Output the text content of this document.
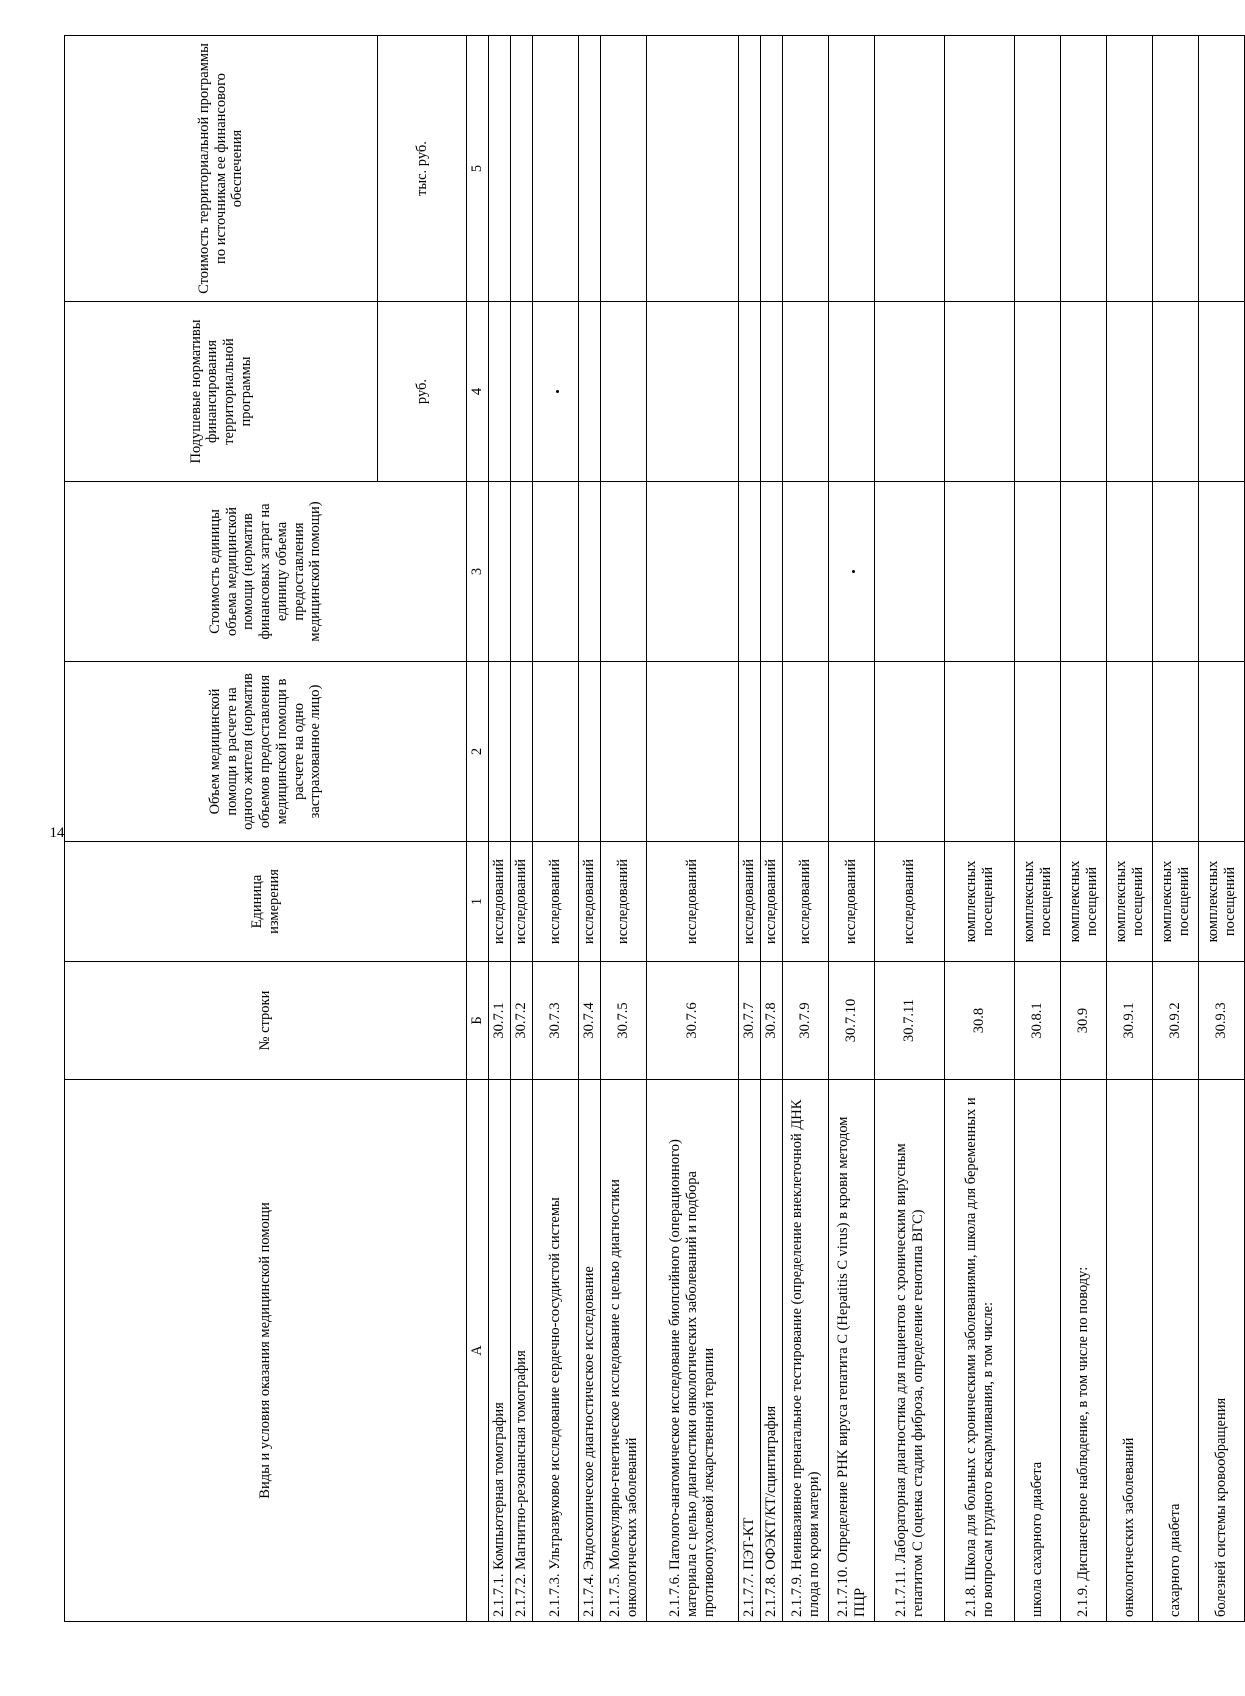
14
Виды и условия оказания медицинской помощи	№ строки	Единица измерения	Объем медицинской помощи в расчете на одного жителя (норматив объемов предоставления медицинской помощи в расчете на одно застрахованное лицо)	Стоимость единицы объема медицинской помощи (норматив финансовых затрат на единицу объема предоставления медицинской помощи)	Подушевые нормативы финансирования территориальной программы	Стоимость территориальной программы по источникам ее финансового обеспечения
					руб.	тыс. руб.
А	Б	1	2	3	4	5
2.1.7.1. Компьютерная томография	30.7.1	исследований				
2.1.7.2. Магнитно-резонансная томография	30.7.2	исследований				
2.1.7.3. Ультразвуковое исследование сердечно-сосудистой системы	30.7.3	исследований				
2.1.7.4. Эндоскопическое диагностическое исследование	30.7.4	исследований				
2.1.7.5. Молекулярно-генетическое исследование с целью диагностики онкологических заболеваний	30.7.5	исследований				
2.1.7.6. Патолого-анатомическое исследование биопсийного (операционного) материала с целью диагностики онкологических заболеваний и подбора противоопухолевой лекарственной терапии	30.7.6	исследований				
2.1.7.7. ПЭТ-КТ	30.7.7	исследований				
2.1.7.8. ОФЭКТ/КТ/сцинтиграфия	30.7.8	исследований				
2.1.7.9. Неинвазивное пренатальное тестирование (определение внеклеточной ДНК плода по крови матери)	30.7.9	исследований				
2.1.7.10. Определение РНК вируса гепатита С (Hepatitis C virus) в крови методом ПЦР	30.7.10	исследований				
2.1.7.11. Лабораторная диагностика для пациентов с хроническим вирусным гепатитом С (оценка стадии фиброза, определение генотипа ВГС)	30.7.11	исследований				
2.1.8. Школа для больных с хроническими заболеваниями, школа для беременных и по вопросам грудного вскармливания, в том числе:	30.8	комплексных посещений				
школа сахарного диабета	30.8.1	комплексных посещений				
2.1.9. Диспансерное наблюдение, в том числе по поводу:	30.9	комплексных посещений				
онкологических заболеваний	30.9.1	комплексных посещений				
сахарного диабета	30.9.2	комплексных посещений				
болезней системы кровообращения	30.9.3	комплексных посещений				
